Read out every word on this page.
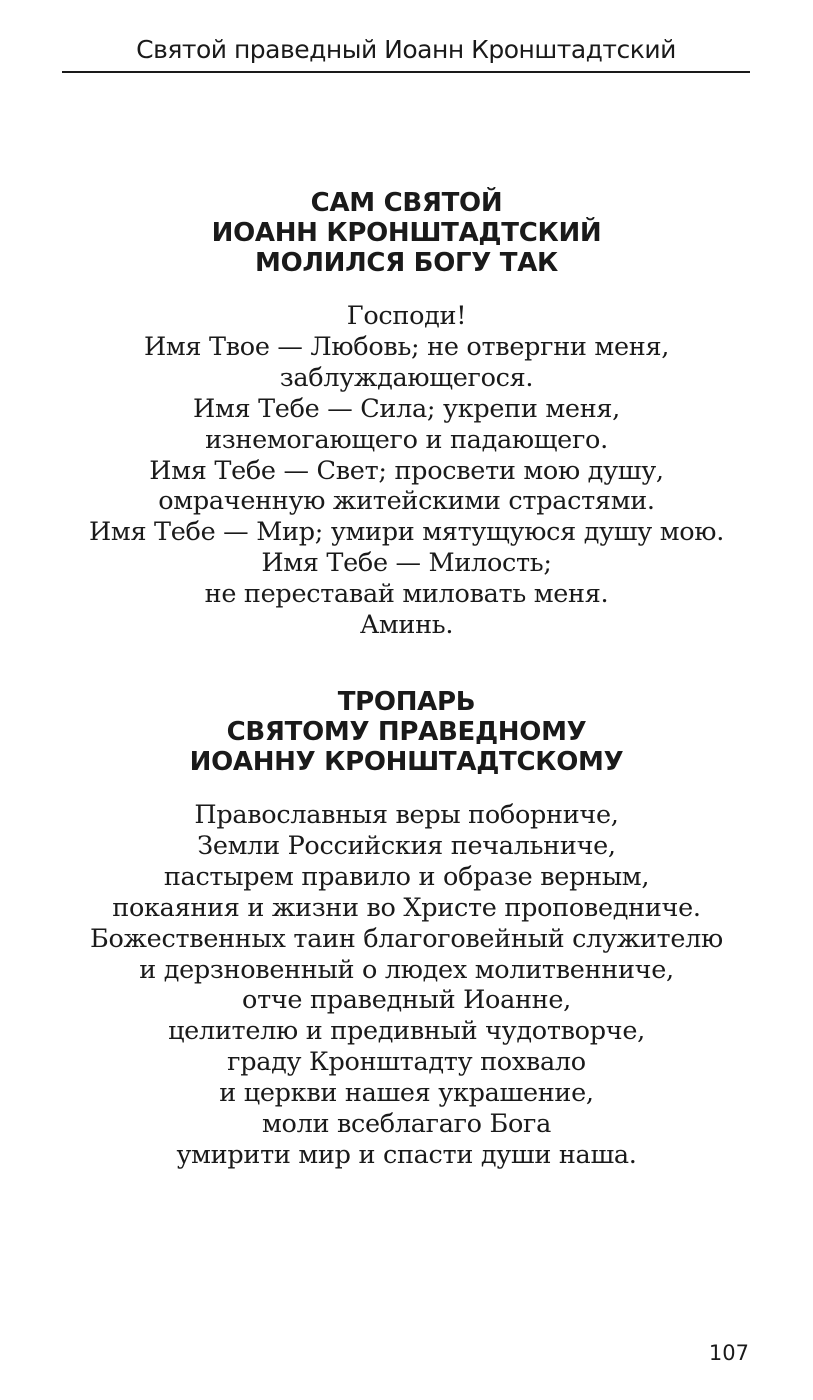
Святой праведный Иоанн Кронштадтский
САМ СВЯТОЙ
ИОАНН КРОНШТАДТСКИЙ
МОЛИЛСЯ БОГУ ТАК
Господи!
Имя Твое — Любовь; не отвергни меня,
заблуждающегося.
Имя Тебе — Сила; укрепи меня,
изнемогающего и падающего.
Имя Тебе — Свет; просвети мою душу,
омраченную житейскими страстями.
Имя Тебе — Мир; умири мятущуюся душу мою.
Имя Тебе — Милость;
не переставай миловать меня.
Аминь.
ТРОПАРЬ
СВЯТОМУ ПРАВЕДНОМУ
ИОАННУ КРОНШТАДТСКОМУ
Православныя веры поборниче,
Земли Российския печальниче,
пастырем правило и образе верным,
покаяния и жизни во Христе проповедниче.
Божественных таин благоговейный служителю
и дерзновенный о людех молитвенниче,
отче праведный Иоанне,
целителю и предивный чудотворче,
граду Кронштадту похвало
и церкви нашея украшение,
моли всеблагаго Бога
умирити мир и спасти души наша.
107
